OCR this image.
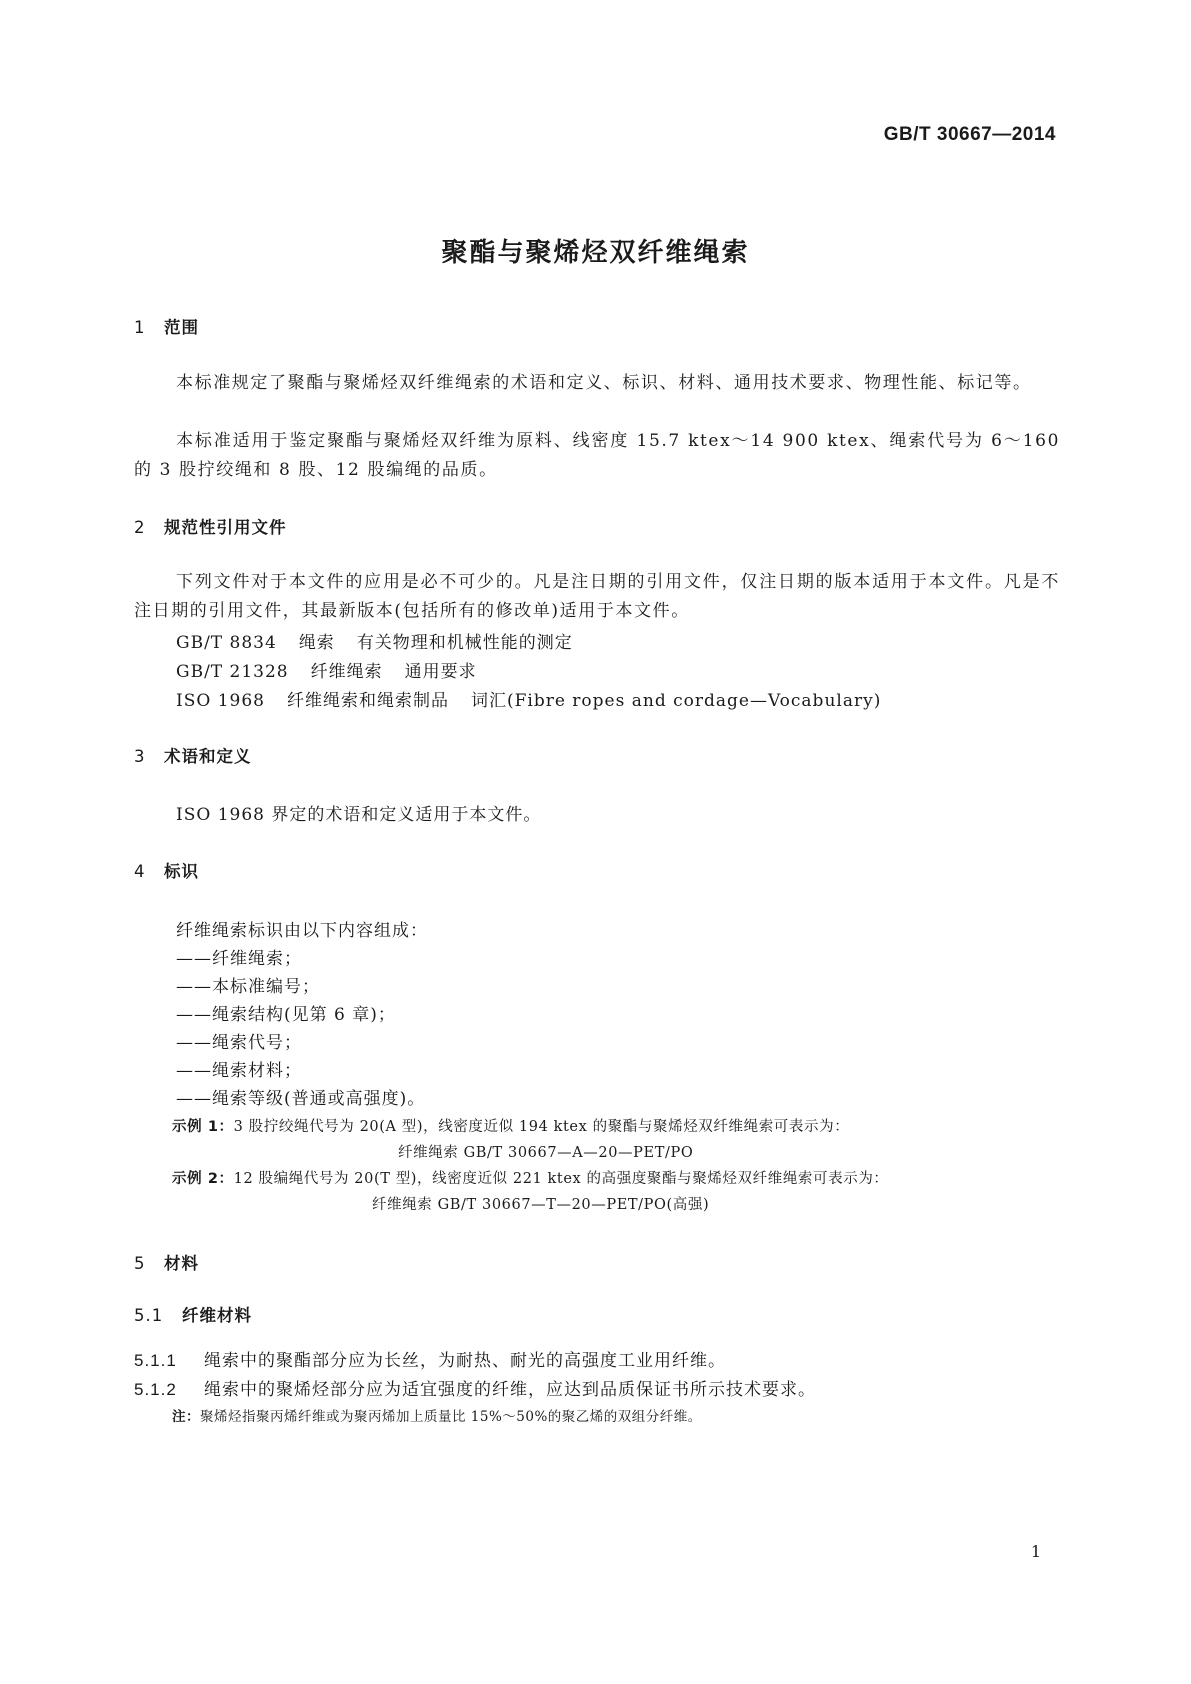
GB/T 30667—2014
聚酯与聚烯烃双纤维绳索
1 范围

本标准规定了聚酯与聚烯烃双纤维绳索的术语和定义、标识、材料、通用技术要求、物理性能、标记等。

本标准适用于鉴定聚酯与聚烯烃双纤维为原料、线密度 15.7 ktex～14 900 ktex、绳索代号为 6～160 的 3 股拧绞绳和 8 股、12 股编绳的品质。

2 规范性引用文件

下列文件对于本文件的应用是必不可少的。凡是注日期的引用文件，仅注日期的版本适用于本文件。凡是不注日期的引用文件，其最新版本(包括所有的修改单)适用于本文件。

GB/T 8834 绳索 有关物理和机械性能的测定
GB/T 21328 纤维绳索 通用要求
ISO 1968 纤维绳索和绳索制品 词汇(Fibre ropes and cordage—Vocabulary)
3 术语和定义
ISO 1968 界定的术语和定义适用于本文件。
4 标识
纤维绳索标识由以下内容组成：
——纤维绳索；
——本标准编号；
——绳索结构(见第 6 章)；
——绳索代号；
——绳索材料；
——绳索等级(普通或高强度)。
示例 1：3 股拧绞绳代号为 20(A 型)，线密度近似 194 ktex 的聚酯与聚烯烃双纤维绳索可表示为：
纤维绳索 GB/T 30667—A—20—PET/PO
示例 2：12 股编绳代号为 20(T 型)，线密度近似 221 ktex 的高强度聚酯与聚烯烃双纤维绳索可表示为：
纤维绳索 GB/T 30667—T—20—PET/PO(高强)
5 材料
5.1 纤维材料
5.1.1 绳索中的聚酯部分应为长丝，为耐热、耐光的高强度工业用纤维。
5.1.2 绳索中的聚烯烃部分应为适宜强度的纤维，应达到品质保证书所示技术要求。
注：聚烯烃指聚丙烯纤维或为聚丙烯加上质量比 15%～50%的聚乙烯的双组分纤维。
1
